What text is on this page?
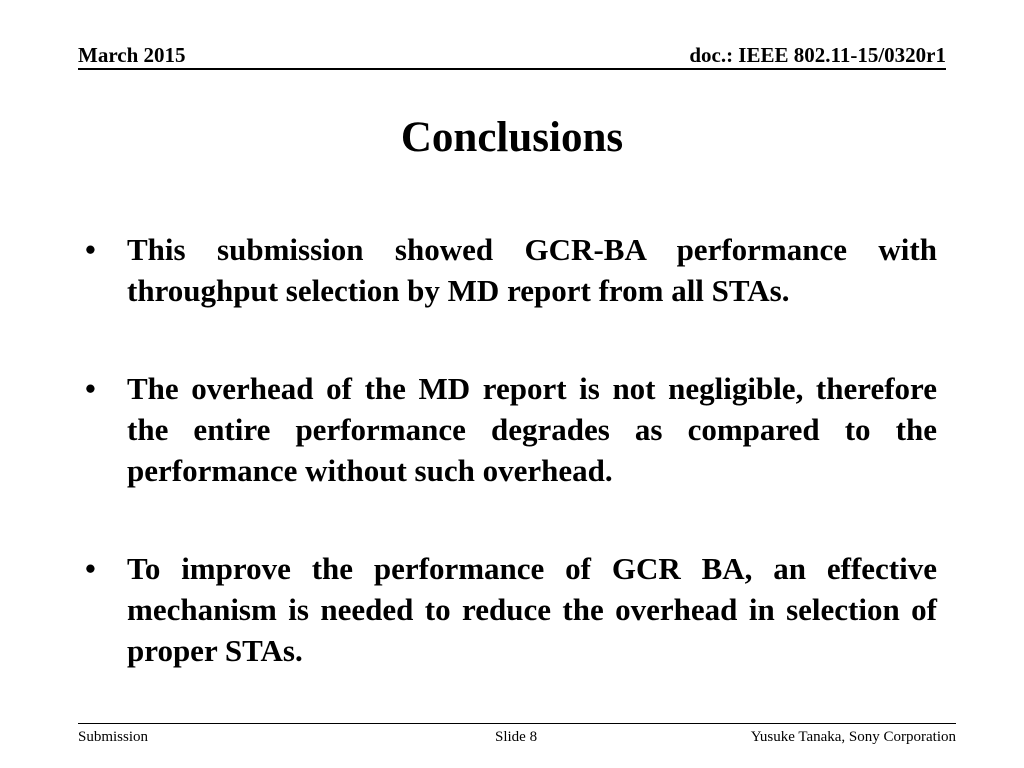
March 2015	doc.: IEEE 802.11-15/0320r1
Conclusions
•	This submission showed GCR-BA performance with throughput selection by MD report from all STAs.
•	The overhead of the MD report is not negligible, therefore the entire performance degrades as compared to the performance without such overhead.
•	To improve the performance of GCR BA, an effective mechanism is needed to reduce the overhead in selection of proper STAs.
Submission	Slide 8	Yusuke Tanaka, Sony Corporation
